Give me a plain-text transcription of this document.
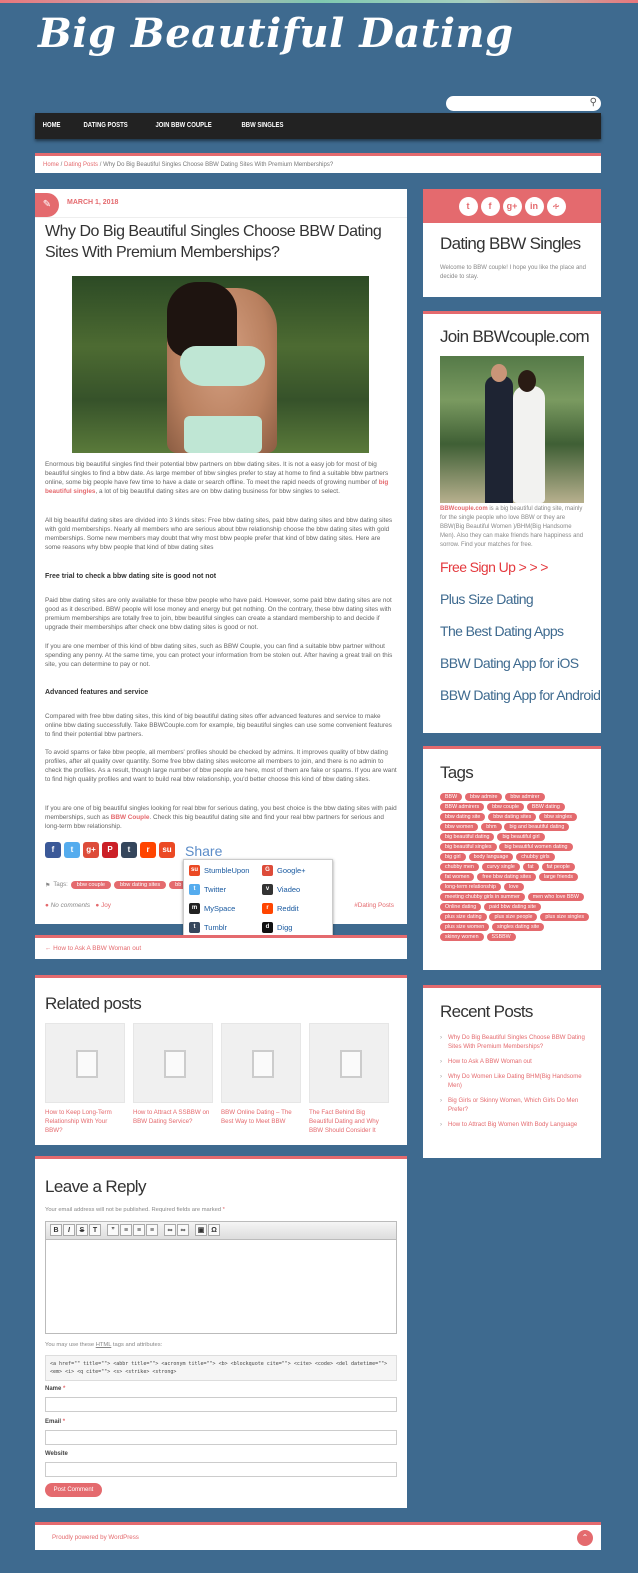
Big Beautiful Dating
⚲
HOME	DATING POSTS	JOIN BBW COUPLE	BBW SINGLES
Home / Dating Posts / Why Do Big Beautiful Singles Choose BBW Dating Sites With Premium Memberships?
✎	MARCH 1, 2018
Why Do Big Beautiful Singles Choose BBW Dating Sites With Premium Memberships?

Enormous big beautiful singles find their potential bbw partners on bbw dating sites. It is not a easy job for most of big beautiful singles to find a bbw date. As large member of bbw singles prefer to stay at home to find a suitable bbw partners online, some big people have few time to have a date or search offline. To meet the rapid needs of growing number of big beautiful singles, a lot of big beautiful dating sites are on bbw dating business for bbw singles to select.

All big beautiful dating sites are divided into 3 kinds sites: Free bbw dating sites, paid bbw dating sites and bbw dating sites with gold memberships. Nearly all members who are serious about bbw relationship choose the bbw dating sites with gold memberships. Some new members may doubt that why most bbw people prefer that kind of bbw dating sites. Here are some reasons why bbw people that kind of bbw dating sites

Free trial to check a bbw dating site is good not not

Paid bbw dating sites are only available for these bbw people who have paid. However, some paid bbw dating sites are not good as it described. BBW people will lose money and energy but get nothing. On the contrary, these bbw dating sites with premium memberships are totally free to join, bbw beautiful singles can create a standard membership to and decide if upgrade their memberships after check one bbw dating sites is good or not.

If you are one member of this kind of bbw dating sites, such as BBW Couple, you can find a suitable bbw partner without spending any penny. At the same time, you can protect your information from be stolen out. After having a great trail on this site, you can determine to pay or not.

Advanced features and service

Compared with free bbw dating sites, this kind of big beautiful dating sites offer advanced features and service to make online bbw dating successfully. Take BBWCouple.com for example, big beautiful singles can use some convenient features to find their potential bbw partners.

To avoid spams or fake bbw people, all members' profiles should be checked by admins. It improves quality of bbw dating profiles, after all quality over quantity. Some free bbw dating sites welcome all members to join, and there is no admin to check the profiles. As a result, though large number of bbw people are here, most of them are fake or spams. If you are want to find high quality profiles and want to build real bbw relationship, you'd better choose this kind of bbw dating sites.

If you are one of big beautiful singles looking for real bbw for serious dating, you best choice is the bbw dating sites with paid memberships, such as BBW Couple. Check this big beautiful dating site and find your real bbw partners for serious and long-term bbw relationship.

f	t	g+	P	t	r	su Share
⚑ Tags:	bbw couple	bbw dating sites	bb
● No comments ● Joy	#Dating Posts
su StumbleUpon	G Google+
t	Twitter	v	Viadeo
m MySpace	r	Reddit
t	Tumblr	d	Digg
← How to Ask A BBW Woman out
Related posts
How to Keep Long-Term Relationship With Your BBW?
How to Attract A SSBBW on BBW Dating Service?
BBW Online Dating – The Best Way to Meet BBW
The Fact Behind Big Beautiful Dating and Why BBW Should Consider It
Leave a Reply
Your email address will not be published. Required fields are marked *
B	I	S	T	”	≡	≡	≡	∞	∞	▣ Ω
You may use these HTML tags and attributes:
<a href="" title=""> <abbr title=""> <acronym title=""> <b> <blockquote cite=""> <cite> <code> <del datetime=""> <em> <i> <q cite=""> <s> <strike> <strong>
Name *
Email *
Website
Post Comment
t	f	g+	in	∻
Dating BBW Singles
Welcome to BBW couple! I hope you like the place and decide to stay.
Join BBWcouple.com
BBWcouple.com is a big beautiful dating site, mainly for the single people who love BBW or they are BBW(Big Beautiful Women )/BHM(Big Handsome Men). Also they can make friends hare happiness and sorrow. Find your matches for free.
Free Sign Up > > >
Plus Size Dating
The Best Dating Apps
BBW Dating App for iOS
BBW Dating App for Android
Tags
BBW bbw admire bbw admirer BBW admirers bbw couple BBW dating bbw dating site bbw dating sites bbw singles bbw women bhm big and beautiful dating big beautiful dating big beautiful girl big beautiful singles big beautiful women dating big girl body language chubby girls chubby men curvy single fat fat people fat women free bbw dating sites large friends long-term relationship love meeting chubby girls in summer men who love BBW Online dating paid bbw dating site plus size dating plus size people plus size singles plus size women singles dating site skinny women SSBBW
Recent Posts
› Why Do Big Beautiful Singles Choose BBW Dating Sites With Premium Memberships?
› How to Ask A BBW Woman out
› Why Do Women Like Dating BHM(Big Handsome Men)
› Big Girls or Skinny Women, Which Girls Do Men Prefer?
› How to Attract Big Women With Body Language
Proudly powered by WordPress	⌃
